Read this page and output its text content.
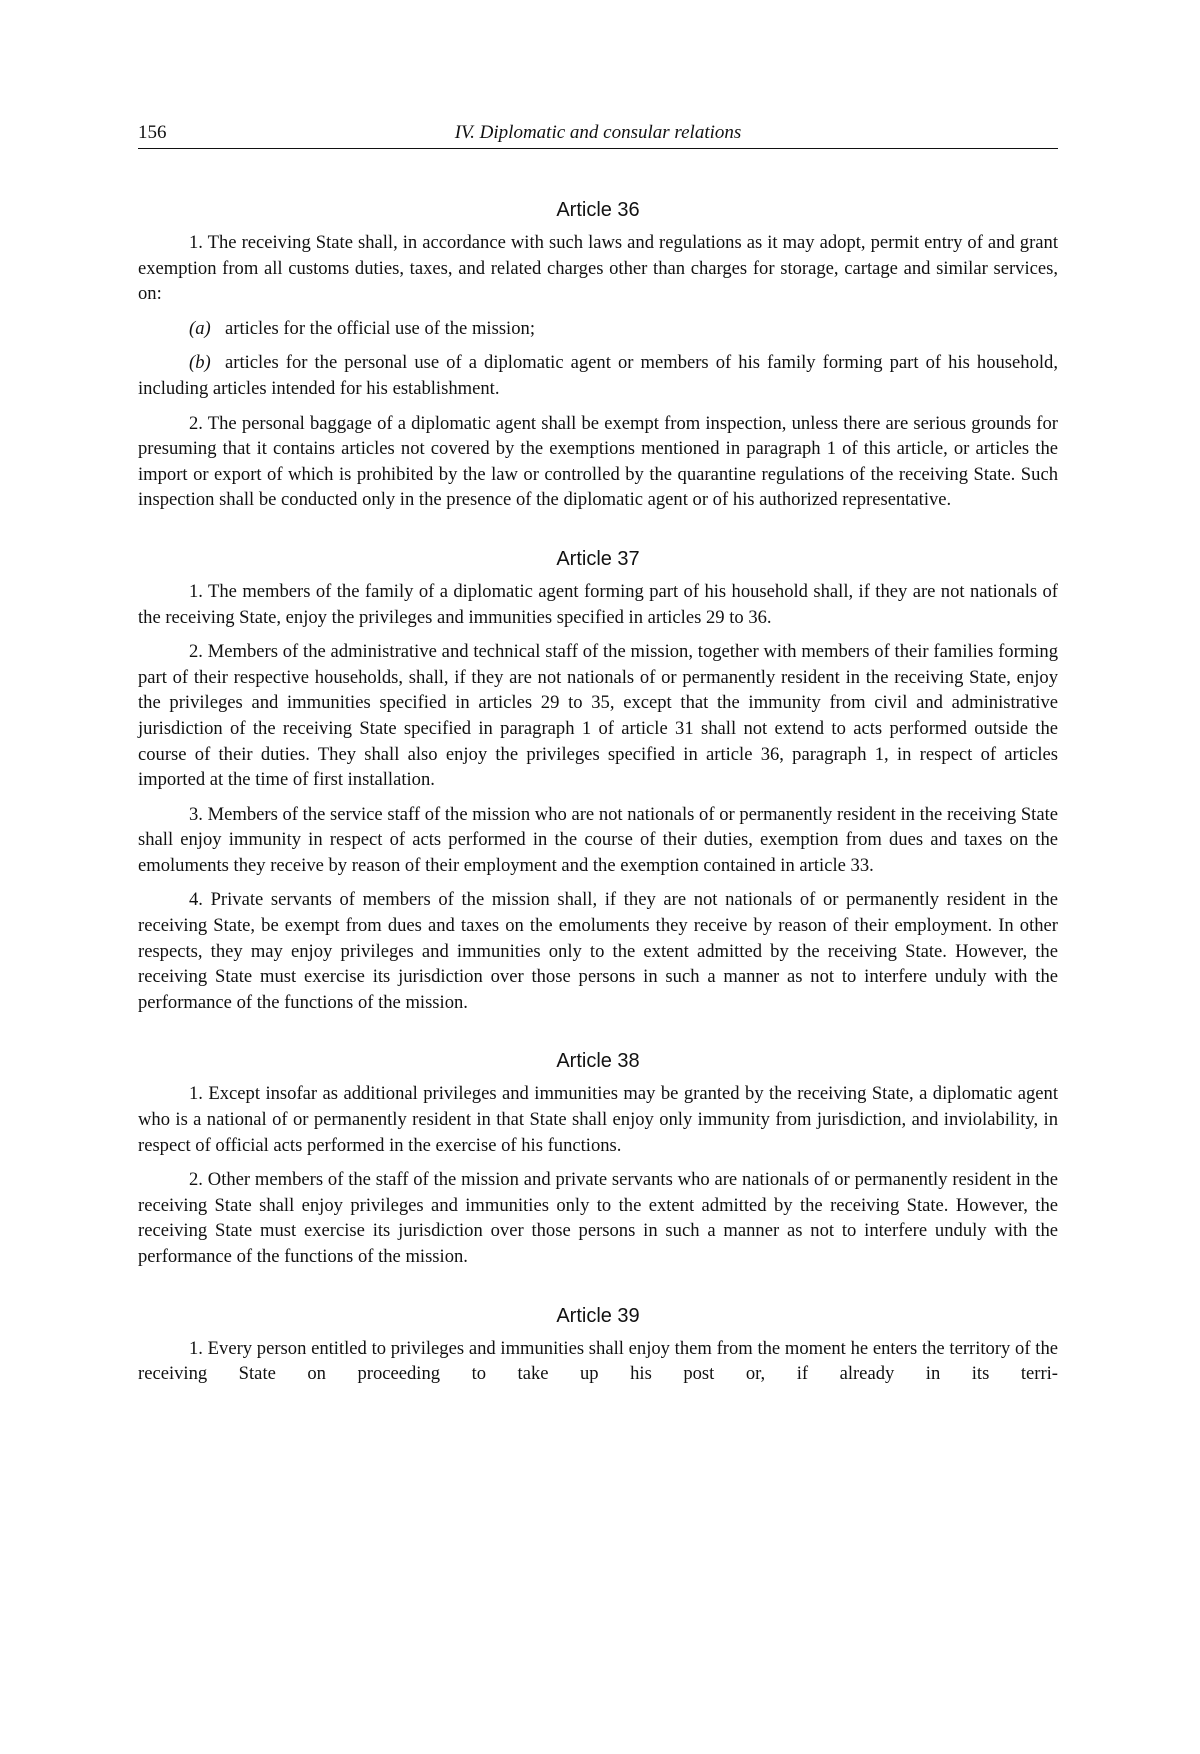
156	IV. Diplomatic and consular relations
Article 36

1. The receiving State shall, in accordance with such laws and regulations as it may adopt, permit entry of and grant exemption from all customs duties, taxes, and related charges other than charges for storage, cartage and similar services, on:

(a) articles for the official use of the mission;

(b) articles for the personal use of a diplomatic agent or members of his family forming part of his household, including articles intended for his establishment.

2. The personal baggage of a diplomatic agent shall be exempt from inspection, unless there are serious grounds for presuming that it contains articles not covered by the exemptions mentioned in paragraph 1 of this article, or articles the import or export of which is prohibited by the law or controlled by the quarantine regulations of the receiving State. Such inspection shall be conducted only in the presence of the diplomatic agent or of his authorized representative.

Article 37

1. The members of the family of a diplomatic agent forming part of his household shall, if they are not nationals of the receiving State, enjoy the privileges and immunities specified in articles 29 to 36.

2. Members of the administrative and technical staff of the mission, together with members of their families forming part of their respective households, shall, if they are not nationals of or permanently resident in the receiving State, enjoy the privileges and immunities specified in articles 29 to 35, except that the immunity from civil and administrative jurisdiction of the receiving State specified in paragraph 1 of article 31 shall not extend to acts performed outside the course of their duties. They shall also enjoy the privileges specified in article 36, paragraph 1, in respect of articles imported at the time of first installation.

3. Members of the service staff of the mission who are not nationals of or permanently resident in the receiving State shall enjoy immunity in respect of acts performed in the course of their duties, exemption from dues and taxes on the emoluments they receive by reason of their employment and the exemption contained in article 33.

4. Private servants of members of the mission shall, if they are not nationals of or permanently resident in the receiving State, be exempt from dues and taxes on the emoluments they receive by reason of their employment. In other respects, they may enjoy privileges and immunities only to the extent admitted by the receiving State. However, the receiving State must exercise its jurisdiction over those persons in such a manner as not to interfere unduly with the performance of the functions of the mission.

Article 38

1. Except insofar as additional privileges and immunities may be granted by the receiving State, a diplomatic agent who is a national of or permanently resident in that State shall enjoy only immunity from jurisdiction, and inviolability, in respect of official acts performed in the exercise of his functions.

2. Other members of the staff of the mission and private servants who are nationals of or permanently resident in the receiving State shall enjoy privileges and immunities only to the extent admitted by the receiving State. However, the receiving State must exercise its jurisdiction over those persons in such a manner as not to interfere unduly with the performance of the functions of the mission.

Article 39

1. Every person entitled to privileges and immunities shall enjoy them from the moment he enters the territory of the receiving State on proceeding to take up his post or, if already in its terri-
